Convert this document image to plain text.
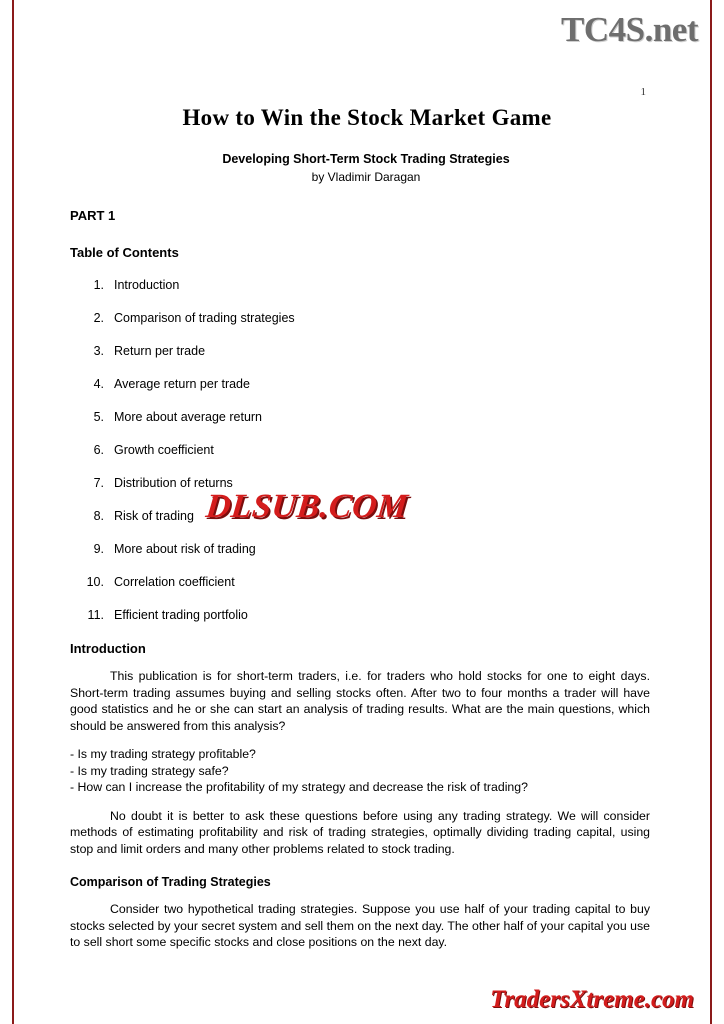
TC4S.net
1
How to Win the Stock Market Game
Developing Short-Term Stock Trading Strategies
by Vladimir Daragan
PART 1
Table of Contents
1. Introduction
2. Comparison of trading strategies
3. Return per trade
4. Average return per trade
5. More about average return
6. Growth coefficient
7. Distribution of returns
8. Risk of trading
9. More about risk of trading
10. Correlation coefficient
11. Efficient trading portfolio
Introduction
This publication is for short-term traders, i.e. for traders who hold stocks for one to eight days. Short-term trading assumes buying and selling stocks often. After two to four months a trader will have good statistics and he or she can start an analysis of trading results. What are the main questions, which should be answered from this analysis?
- Is my trading strategy profitable?
- Is my trading strategy safe?
- How can I increase the profitability of my strategy and decrease the risk of trading?
No doubt it is better to ask these questions before using any trading strategy. We will consider methods of estimating profitability and risk of trading strategies, optimally dividing trading capital, using stop and limit orders and many other problems related to stock trading.
Comparison of Trading Strategies
Consider two hypothetical trading strategies. Suppose you use half of your trading capital to buy stocks selected by your secret system and sell them on the next day. The other half of your capital you use to sell short some specific stocks and close positions on the next day.
DLSUB.COM
TradersXtreme.com
